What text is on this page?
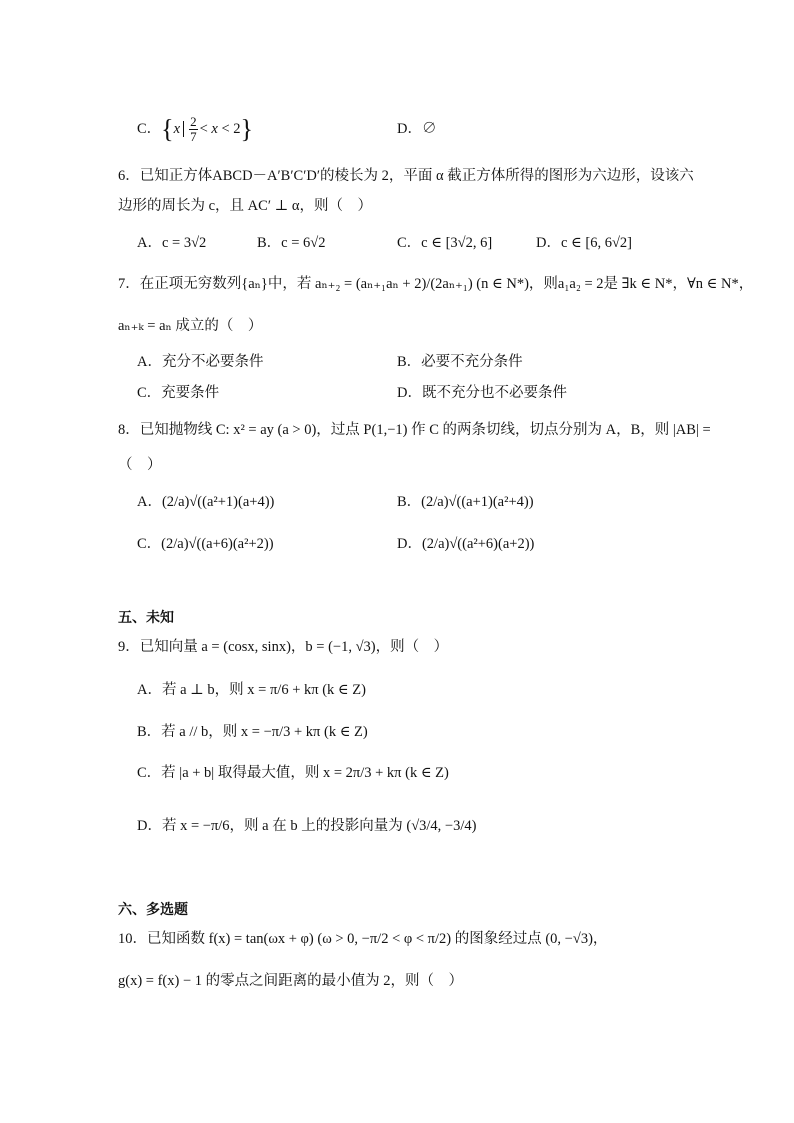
C．$\{x \frac{2}{7} < x < 2\}$	D．∅
6．已知正方体ABCD－A′B′C′D′的棱长为 2，平面 α 截正方体所得的图形为六边形，设该六
边形的周长为 c，且 AC′ ⊥ α，则（　）
A．c = 3√2	B．c = 6√2	C．c ∈ [3√2, 6]	D．c ∈ [6, 6√2]
7．在正项无穷数列{aₙ}中，若 aₙ₊₂ = (aₙ₊₁aₙ + 2)/(2aₙ₊₁) (n ∈ N*)，则a₁a₂ = 2是 ∃k ∈ N*，∀n ∈ N*，
aₙ₊ₖ = aₙ 成立的（　）
A．充分不必要条件	B．必要不充分条件
C．充要条件	D．既不充分也不必要条件
8．已知抛物线 C: x² = ay (a > 0)，过点 P(1,−1) 作 C 的两条切线，切点分别为 A，B，则 |AB| =
（　）
A．(2/a)√((a²+1)(a+4))	B．(2/a)√((a+1)(a²+4))
C．(2/a)√((a+6)(a²+2))	D．(2/a)√((a²+6)(a+2))
五、未知
9．已知向量 a = (cosx, sinx)，b = (−1, √3)，则（　）
A．若 a ⊥ b，则 x = π/6 + kπ (k ∈ Z)
B．若 a // b，则 x = −π/3 + kπ (k ∈ Z)
C．若 |a + b| 取得最大值，则 x = 2π/3 + kπ (k ∈ Z)
D．若 x = −π/6，则 a 在 b 上的投影向量为 (√3/4, −3/4)
六、多选题
10．已知函数 f(x) = tan(ωx + φ) (ω > 0, −π/2 < φ < π/2) 的图象经过点 (0, −√3)，
g(x) = f(x) − 1 的零点之间距离的最小值为 2，则（　）
